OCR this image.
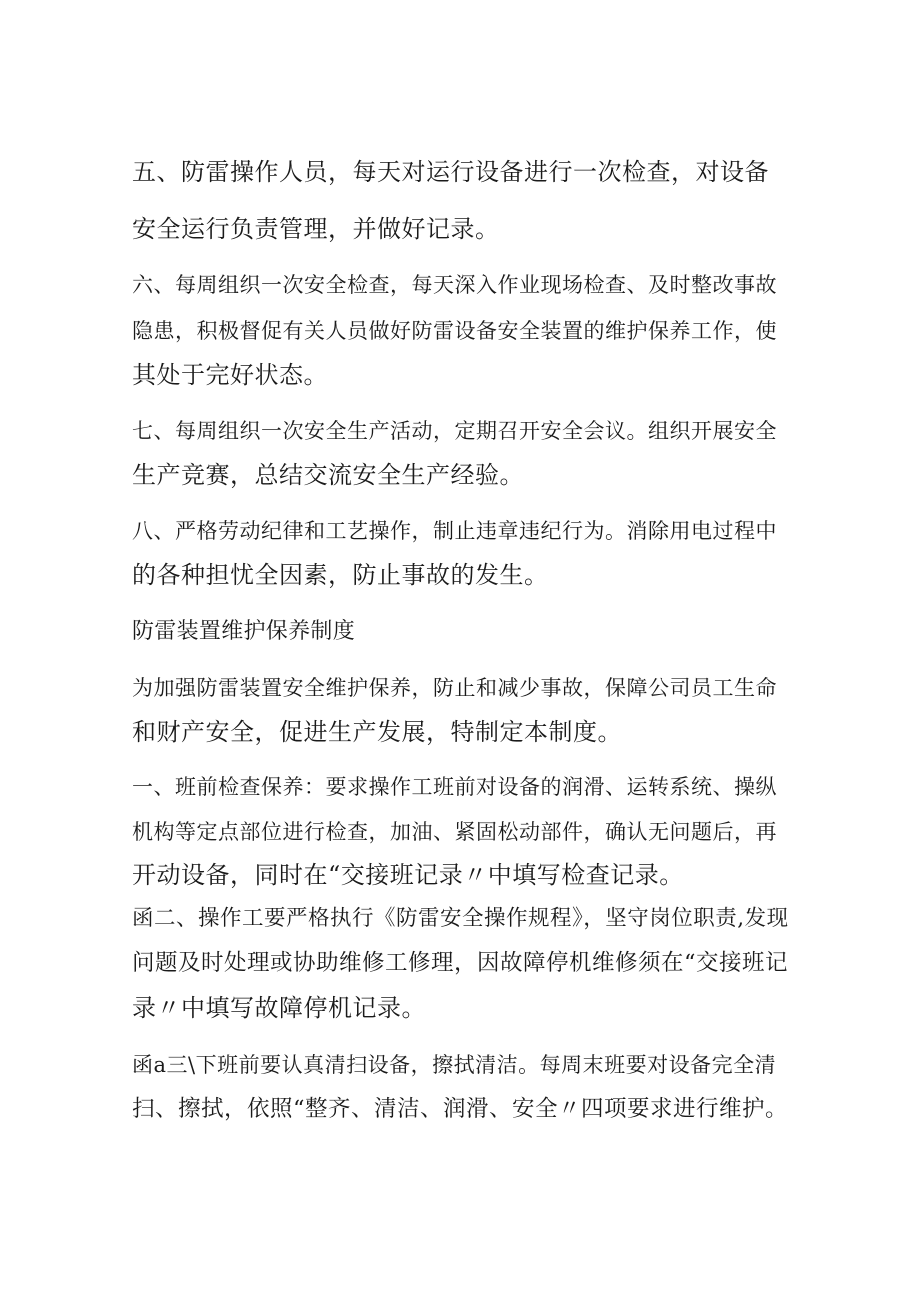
五、防雷操作人员，每天对运行设备进行一次检查，对设备
安全运行负责管理，并做好记录。
六、每周组织一次安全检查，每天深入作业现场检查、及时整改事故
隐患，积极督促有关人员做好防雷设备安全装置的维护保养工作，使
其处于完好状态。
七、每周组织一次安全生产活动，定期召开安全会议。组织开展安全
生产竞赛，总结交流安全生产经验。
八、严格劳动纪律和工艺操作，制止违章违纪行为。消除用电过程中
的各种担忧全因素，防止事故的发生。
防雷装置维护保养制度
为加强防雷装置安全维护保养，防止和减少事故，保障公司员工生命
和财产安全，促进生产发展，特制定本制度。
一、班前检查保养：要求操作工班前对设备的润滑、运转系统、操纵
机构等定点部位进行检查，加油、紧固松动部件，确认无问题后，再
开动设备，同时在“交接班记录〃中填写检查记录。
函二、操作工要严格执行《防雷安全操作规程》，坚守岗位职责,发现
问题及时处理或协助维修工修理，因故障停机维修须在“交接班记
录〃中填写故障停机记录。
函a三\下班前要认真清扫设备，擦拭清洁。每周末班要对设备完全清
扫、擦拭，依照“整齐、清洁、润滑、安全〃四项要求进行维护。
